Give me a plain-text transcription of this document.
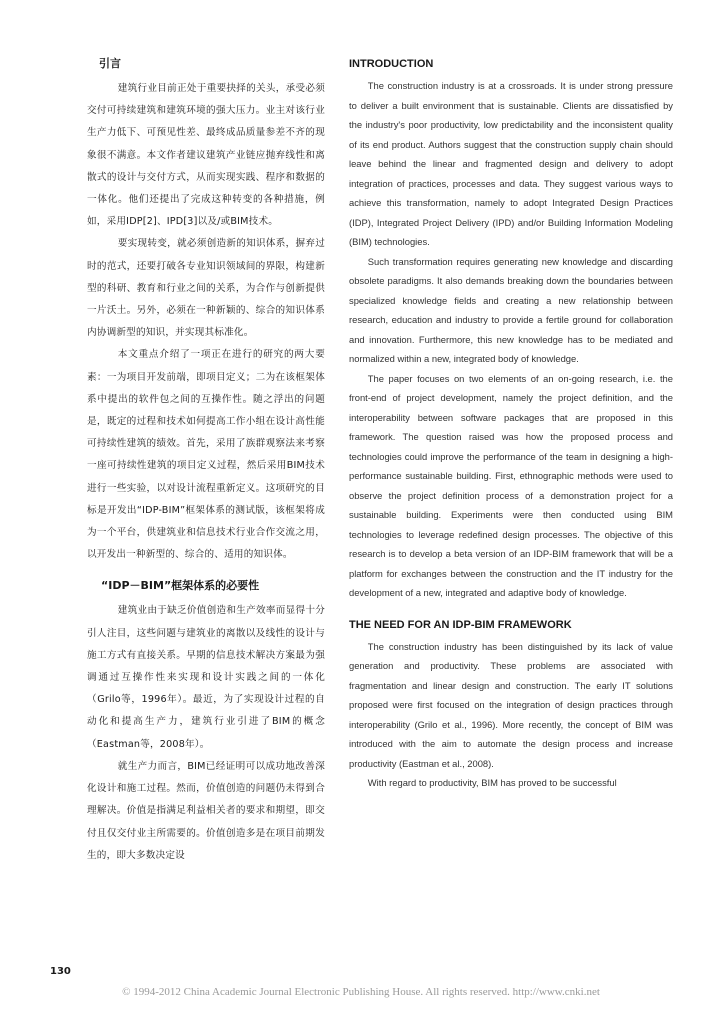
引言

建筑行业目前正处于重要抉择的关头，承受必须交付可持续建筑和建筑环境的强大压力。业主对该行业生产力低下、可预见性差、最终成品质量参差不齐的现象很不满意。本文作者建议建筑产业链应抛弃线性和离散式的设计与交付方式，从而实现实践、程序和数据的一体化。他们还提出了完成这种转变的各种措施，例如，采用IDP[2]、IPD[3]以及/或BIM技术。

要实现转变，就必须创造新的知识体系，摒弃过时的范式，还要打破各专业知识领域间的界限，构建新型的科研、教育和行业之间的关系，为合作与创新提供一片沃土。另外，必须在一种新颖的、综合的知识体系内协调新型的知识，并实现其标准化。

本文重点介绍了一项正在进行的研究的两大要素：一为项目开发前端，即项目定义；二为在该框架体系中提出的软件包之间的互操作性。随之浮出的问题是，既定的过程和技术如何提高工作小组在设计高性能可持续性建筑的绩效。首先，采用了族群观察法来考察一座可持续性建筑的项目定义过程，然后采用BIM技术进行一些实验，以对设计流程重新定义。这项研究的目标是开发出“IDP-BIM”框架体系的测试版，该框架将成为一个平台，供建筑业和信息技术行业合作交流之用，以开发出一种新型的、综合的、适用的知识体。

“IDP－BIM”框架体系的必要性

建筑业由于缺乏价值创造和生产效率而显得十分引人注目，这些问题与建筑业的离散以及线性的设计与施工方式有直接关系。早期的信息技术解决方案最为强调通过互操作性来实现和设计实践之间的一体化（Grilo等，1996年）。最近，为了实现设计过程的自动化和提高生产力，建筑行业引进了BIM的概念（Eastman等，2008年）。

就生产力而言，BIM已经证明可以成功地改善深化设计和施工过程。然而，价值创造的问题仍未得到合理解决。价值是指满足利益相关者的要求和期望，即交付且仅交付业主所需要的。价值创造多是在项目前期发生的，即大多数决定设

INTRODUCTION

The construction industry is at a crossroads. It is under strong pressure to deliver a built environment that is sustainable. Clients are dissatisfied by the industry's poor productivity, low predictability and the inconsistent quality of its end product. Authors suggest that the construction supply chain should leave behind the linear and fragmented design and delivery to adopt integration of practices, processes and data. They suggest various ways to achieve this transformation, namely to adopt Integrated Design Practices (IDP), Integrated Project Delivery (IPD) and/or Building Information Modeling (BIM) technologies.

Such transformation requires generating new knowledge and discarding obsolete paradigms. It also demands breaking down the boundaries between specialized knowledge fields and creating a new relationship between research, education and industry to provide a fertile ground for collaboration and innovation. Furthermore, this new knowledge has to be mediated and normalized within a new, integrated body of knowledge.

The paper focuses on two elements of an on-going research, i.e. the front-end of project development, namely the project definition, and the interoperability between software packages that are proposed in this framework. The question raised was how the proposed process and technologies could improve the performance of the team in designing a high-performance sustainable building. First, ethnographic methods were used to observe the project definition process of a demonstration project for a sustainable building. Experiments were then conducted using BIM technologies to leverage redefined design processes. The objective of this research is to develop a beta version of an IDP-BIM framework that will be a platform for exchanges between the construction and the IT industry for the development of a new, integrated and adaptive body of knowledge.

THE NEED FOR AN IDP-BIM FRAMEWORK

The construction industry has been distinguished by its lack of value generation and productivity. These problems are associated with fragmentation and linear design and construction. The early IT solutions proposed were first focused on the integration of design practices through interoperability (Grilo et al., 1996). More recently, the concept of BIM was introduced with the aim to automate the design process and increase productivity (Eastman et al., 2008).

With regard to productivity, BIM has proved to be successful

130
© 1994-2012 China Academic Journal Electronic Publishing House. All rights reserved. http://www.cnki.net
